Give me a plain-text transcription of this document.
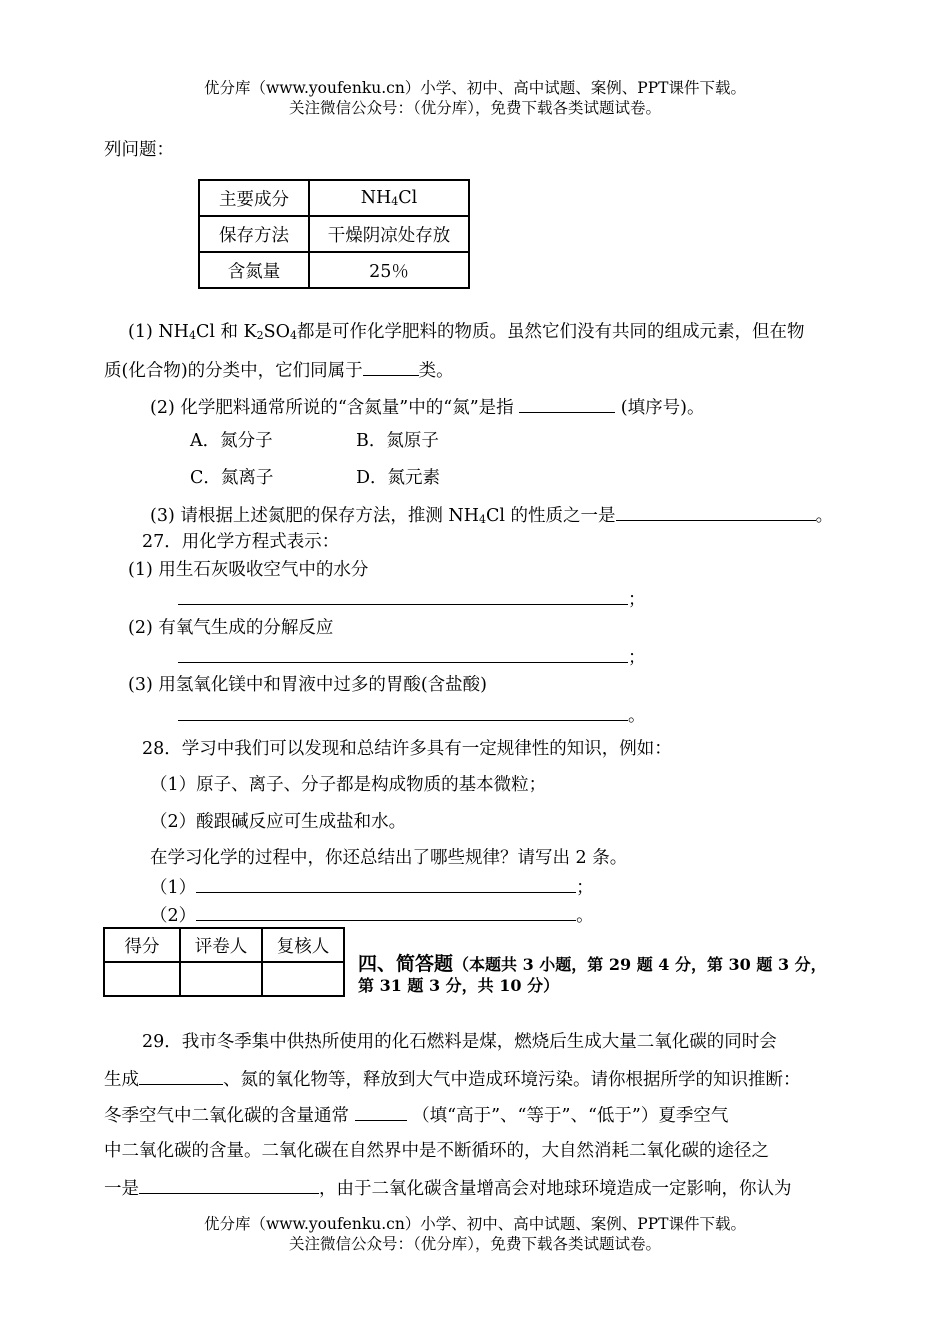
优分库（www.youfenku.cn）小学、初中、高中试题、案例、PPT课件下载。
关注微信公众号：（优分库），免费下载各类试题试卷。
列问题：
主要成分	$NH_4Cl$
保存方法	干燥阴凉处存放
含氮量	25％
(1) $NH_4Cl$ 和 $K_2SO_4$都是可作化学肥料的物质。虽然它们没有共同的组成元素，但在物
质(化合物)的分类中，它们同属于	类。
(2) 化学肥料通常所说的“含氮量”中的“氮”是指	(填序号)。
A．氮分子	B．氮原子
C．氮离子	D．氮元素
(3) 请根据上述氮肥的保存方法，推测 $NH_4Cl$ 的性质之一是	。
27．用化学方程式表示：
(1) 用生石灰吸收空气中的水分
；
(2) 有氧气生成的分解反应
；
(3) 用氢氧化镁中和胃液中过多的胃酸(含盐酸)
。
28．学习中我们可以发现和总结许多具有一定规律性的知识，例如：
（1）原子、离子、分子都是构成物质的基本微粒；
（2）酸跟碱反应可生成盐和水。
在学习化学的过程中，你还总结出了哪些规律？请写出 2 条。
（1）	；
（2）	。
得分	评卷人	复核人

四、简答题（本题共 3 小题，第 29 题 4 分，第 30 题 3 分，
第 31 题 3 分，共 10 分）
29．我市冬季集中供热所使用的化石燃料是煤，燃烧后生成大量二氧化碳的同时会
生成	、氮的氧化物等，释放到大气中造成环境污染。请你根据所学的知识推断：
冬季空气中二氧化碳的含量通常	（填“高于”、“等于”、“低于”）夏季空气
中二氧化碳的含量。二氧化碳在自然界中是不断循环的，大自然消耗二氧化碳的途径之
一是	，由于二氧化碳含量增高会对地球环境造成一定影响，你认为
优分库（www.youfenku.cn）小学、初中、高中试题、案例、PPT课件下载。
关注微信公众号：（优分库），免费下载各类试题试卷。
